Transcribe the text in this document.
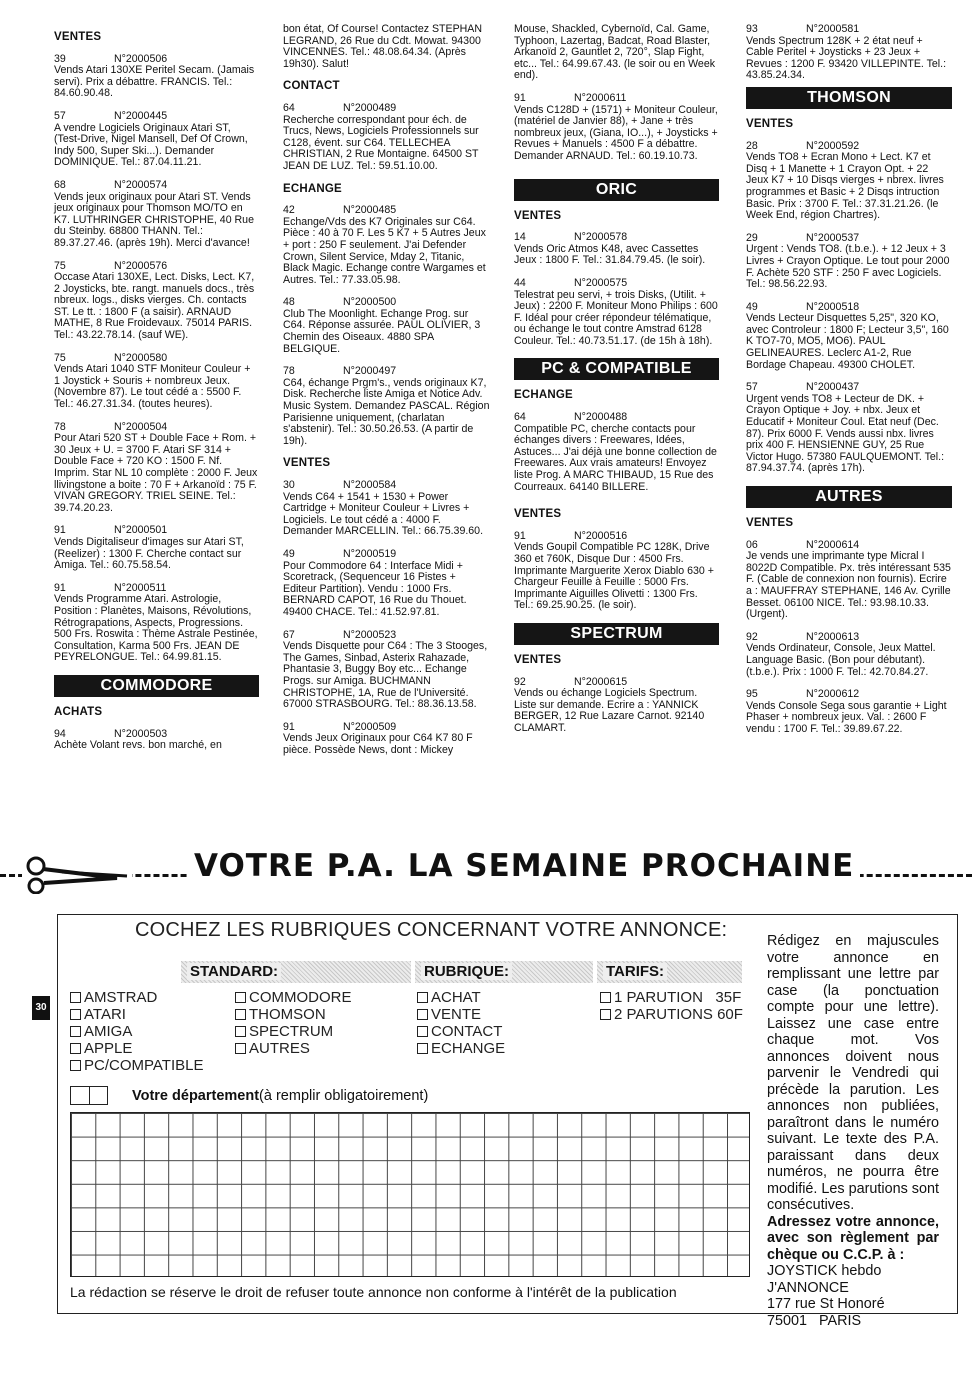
VENTES
39	N°2000506
Vends Atari 130XE Peritel Secam. (Jamais servi). Prix a débattre. FRANCIS. Tel.: 84.60.90.48.
57	N°2000445
A vendre Logiciels Originaux Atari ST, (Test-Drive, Nigel Mansell, Def Of Crown, Indy 500, Super Ski...). Demander DOMINIQUE. Tel.: 87.04.11.21.
68	N°2000574
Vends jeux originaux pour Atari ST. Vends jeux originaux pour Thomson MO/TO en K7. LUTHRINGER CHRISTOPHE, 40 Rue du Steinby. 68800 THANN. Tel.: 89.37.27.46. (après 19h). Merci d'avance!
75	N°2000576
Occase Atari 130XE, Lect. Disks, Lect. K7, 2 Joysticks, bte. rangt. manuels docs., très nbreux. logs., disks vierges. Ch. contacts ST. Le tt. : 1800 F (a saisir). ARNAUD MATHE, 8 Rue Froidevaux. 75014 PARIS. Tel.: 43.22.78.14. (sauf WE).
75	N°2000580
Vends Atari 1040 STF Moniteur Couleur + 1 Joystick + Souris + nombreux Jeux. (Novembre 87). Le tout cédé a : 5500 F. Tel.: 46.27.31.34. (toutes heures).
78	N°2000504
Pour Atari 520 ST + Double Face + Rom. + 30 Jeux + U. = 3700 F. Atari SF 314 + Double Face + 720 KO : 1500 F. Nf. Imprim. Star NL 10 complète : 2000 F. Jeux llivingstone a boite : 70 F + Arkanoïd : 75 F. VIVAN GREGORY. TRIEL SEINE. Tel.: 39.74.20.23.
91	N°2000501
Vends Digitaliseur d'images sur Atari ST, (Reelizer) : 1300 F. Cherche contact sur Amiga. Tel.: 60.75.58.54.
91	N°2000511
Vends Programme Atari. Astrologie, Position : Planètes, Maisons, Révolutions, Rétrograpations, Aspects, Progressions. 500 Frs. Roswita : Thème Astrale Pestinée, Consultation, Karma 500 Frs. JEAN DE PEYRELONGUE. Tel.: 64.99.81.15.
COMMODORE
ACHATS
94	N°2000503
Achète Volant revs. bon marché, en
bon état, Of Course! Contactez STEPHAN LEGRAND, 26 Rue du Cdt. Mowat. 94300 VINCENNES. Tel.: 48.08.64.34. (Après 19h30). Salut!
CONTACT
64	N°2000489
Recherche correspondant pour éch. de Trucs, News, Logiciels Professionnels sur C128, évent. sur C64. TELLECHEA CHRISTIAN, 2 Rue Montaigne. 64500 ST JEAN DE LUZ. Tel.: 59.51.10.00.
ECHANGE
42	N°2000485
Echange/Vds des K7 Originales sur C64. Pièce : 40 à 70 F. Les 5 K7 + 5 Autres Jeux + port : 250 F seulement. J'ai Defender Crown, Silent Service, Mday 2, Titanic, Black Magic. Echange contre Wargames et Autres. Tel.: 77.33.05.98.
48	N°2000500
Club The Moonlight. Echange Prog. sur C64. Réponse assurée. PAUL OLIVIER, 3 Chemin des Oiseaux. 4880 SPA BELGIQUE.
78	N°2000497
C64, échange Prgm's., vends originaux K7, Disk. Recherche liste Amiga et Notice Adv. Music System. Demandez PASCAL. Région Parisienne uniquement, (charlatan s'abstenir). Tel.: 30.50.26.53. (A partir de 19h).
VENTES
30	N°2000584
Vends C64 + 1541 + 1530 + Power Cartridge + Moniteur Couleur + Livres + Logiciels. Le tout cédé a : 4000 F. Demander MARCELLIN. Tel.: 66.75.39.60.
49	N°2000519
Pour Commodore 64 : Interface Midi + Scoretrack, (Sequenceur 16 Pistes + Editeur Partition). Vendu : 1000 Frs. BERNARD CAPOT, 16 Rue du Thouet. 49400 CHACE. Tel.: 41.52.97.81.
67	N°2000523
Vends Disquette pour C64 : The 3 Stooges, The Games, Sinbad, Asterix Rahazade, Phantasie 3, Buggy Boy etc... Echange Progs. sur Amiga. BUCHMANN CHRISTOPHE, 1A, Rue de l'Université. 67000 STRASBOURG. Tel.: 88.36.13.58.
91	N°2000509
Vends Jeux Originaux pour C64 K7 80 F pièce. Possède News, dont : Mickey
Mouse, Shackled, Cybernoïd, Cal. Game, Typhoon, Lazertag, Badcat, Road Blaster, Arkanoïd 2, Gauntlet 2, 720°, Slap Fight, etc... Tel.: 64.99.67.43. (le soir ou en Week end).
91	N°2000611
Vends C128D + (1571) + Moniteur Couleur, (matériel de Janvier 88), + Jane + très nombreux jeux, (Giana, IO...), + Joysticks + Revues + Manuels : 4500 F a débattre. Demander ARNAUD. Tel.: 60.19.10.73.
ORIC
VENTES
14	N°2000578
Vends Oric Atmos K48, avec Cassettes Jeux : 1800 F. Tel.: 31.84.79.45. (le soir).
44	N°2000575
Telestrat peu servi, + trois Disks, (Utilit. + Jeux) : 2200 F. Moniteur Mono Philips : 600 F. Idéal pour créer répondeur télématique, ou échange le tout contre Amstrad 6128 Couleur. Tel.: 40.73.51.17. (de 15h à 18h).
PC & COMPATIBLE
ECHANGE
64	N°2000488
Compatible PC, cherche contacts pour échanges divers : Freewares, Idées, Astuces... J'ai déjà une bonne collection de Freewares. Aux vrais amateurs! Envoyez liste Prog. A MARC THIBAUD, 15 Rue des Courreaux. 64140 BILLERE.
VENTES
91	N°2000516
Vends Goupil Compatible PC 128K, Drive 360 et 760K, Disque Dur : 4500 Frs. Imprimante Marguerite Xerox Diablo 630 + Chargeur Feuille à Feuille : 5000 Frs. Imprimante Aiguilles Olivetti : 1300 Frs. Tel.: 69.25.90.25. (le soir).
SPECTRUM
VENTES
92	N°2000615
Vends ou échange Logiciels Spectrum. Liste sur demande. Ecrire a : YANNICK BERGER, 12 Rue Lazare Carnot. 92140 CLAMART.
93	N°2000581
Vends Spectrum 128K + 2 état neuf + Cable Peritel + Joysticks + 23 Jeux + Revues : 1200 F. 93420 VILLEPINTE. Tel.: 43.85.24.34.
THOMSON
VENTES
28	N°2000592
Vends TO8 + Ecran Mono + Lect. K7 et Disq + 1 Manette + 1 Crayon Opt. + 22 Jeux K7 + 10 Disqs vierges + nbrex. livres programmes et Basic + 2 Disqs intruction Basic. Prix : 3700 F. Tel.: 37.31.21.26. (le Week End, région Chartres).
29	N°2000537
Urgent : Vends TO8. (t.b.e.). + 12 Jeux + 3 Livres + Crayon Optique. Le tout pour 2000 F. Achète 520 STF : 250 F avec Logiciels. Tel.: 98.56.22.93.
49	N°2000518
Vends Lecteur Disquettes 5,25", 320 KO, avec Controleur : 1800 F; Lecteur 3,5", 160 K TO7-70, MO5, MO6). PAUL GELINEAURES. Leclerc A1-2, Rue Bordage Chapeau. 49300 CHOLET.
57	N°2000437
Urgent vends TO8 + Lecteur de DK. + Crayon Optique + Joy. + nbx. Jeux et Educatif + Moniteur Coul. Etat neuf (Dec. 87). Prix 6000 F. Vends aussi nbx. livres prix 400 F. HENSIENNE GUY, 25 Rue Victor Hugo. 57380 FAULQUEMONT. Tel.: 87.94.37.74. (après 17h).
AUTRES
VENTES
06	N°2000614
Je vends une imprimante type Micral I 8022D Compatible. Px. très intéressant 535 F. (Cable de connexion non fournis). Ecrire a : MAUFFRAY STEPHANE, 146 Av. Cyrille Besset. 06100 NICE. Tel.: 93.98.10.33. (Urgent).
92	N°2000613
Vends Ordinateur, Console, Jeux Mattel. Language Basic. (Bon pour débutant). (t.b.e.). Prix : 1000 F. Tel.: 42.70.84.27.
95	N°2000612
Vends Console Sega sous garantie + Light Phaser + nombreux jeux. Val. : 2600 F vendu : 1700 F. Tel.: 39.89.67.22.
VOTRE P.A. LA SEMAINE PROCHAINE
30
COCHEZ LES RUBRIQUES CONCERNANT VOTRE ANNONCE:
STANDARD:	RUBRIQUE:	TARIFS:
AMSTRAD
ATARI
AMIGA
APPLE
PC/COMPATIBLE
COMMODORE
THOMSON
SPECTRUM
AUTRES
ACHAT
VENTE
CONTACT
ECHANGE
1 PARUTION   35F
2 PARUTIONS 60F
Votre département (à remplir obligatoirement)
La rédaction se réserve le droit de refuser toute annonce non conforme à l'intérêt de la publication
Rédigez en majuscules votre annonce en remplissant une lettre par case (la ponctuation compte pour une lettre). Laissez une case entre chaque mot. Vos annonces doivent nous parvenir le Vendredi qui précède la parution. Les annonces non publiées, paraîtront dans le numéro suivant. Le texte des P.A. paraissant dans deux numéros, ne pourra être modifié. Les parutions sont consécutives.
Adressez votre annonce, avec son règlement par chèque ou C.C.P. à :
JOYSTICK hebdo
J'ANNONCE
177 rue St Honoré
75001   PARIS
